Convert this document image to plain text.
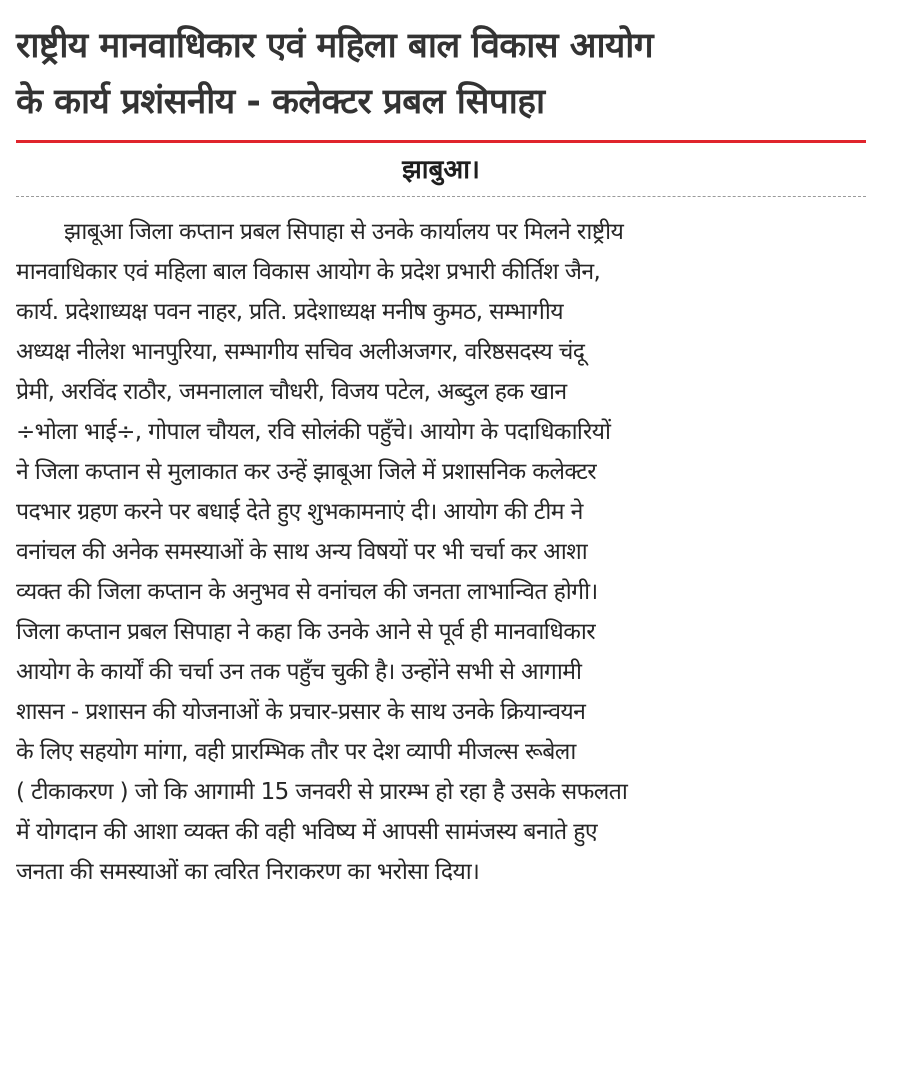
राष्ट्रीय मानवाधिकार एवं महिला बाल विकास आयोग
के कार्य प्रशंसनीय - कलेक्टर प्रबल सिपाहा
झाबुआ।
झाबूआ जिला कप्तान प्रबल सिपाहा से उनके कार्यालय पर मिलने राष्ट्रीय
मानवाधिकार एवं महिला बाल विकास आयोग के प्रदेश प्रभारी कीर्तिश जैन,
कार्य. प्रदेशाध्यक्ष पवन नाहर, प्रति. प्रदेशाध्यक्ष मनीष कुमठ, सम्भागीय
अध्यक्ष नीलेश भानपुरिया, सम्भागीय सचिव अलीअजगर, वरिष्ठसदस्य चंदू
प्रेमी, अरविंद राठौर, जमनालाल चौधरी, विजय पटेल, अब्दुल हक खान
÷भोला भाई÷, गोपाल चौयल, रवि सोलंकी पहुँचे। आयोग के पदाधिकारियों
ने जिला कप्तान से मुलाकात कर उन्हें झाबूआ जिले में प्रशासनिक कलेक्टर
पदभार ग्रहण करने पर बधाई देते हुए शुभकामनाएं दी। आयोग की टीम ने
वनांचल की अनेक समस्याओं के साथ अन्य विषयों पर भी चर्चा कर आशा
व्यक्त की जिला कप्तान के अनुभव से वनांचल की जनता लाभान्वित होगी।
जिला कप्तान प्रबल सिपाहा ने कहा कि उनके आने से पूर्व ही मानवाधिकार
आयोग के कार्यों की चर्चा उन तक पहुँच चुकी है। उन्होंने सभी से आगामी
शासन - प्रशासन की योजनाओं के प्रचार-प्रसार के साथ उनके क्रियान्वयन
के लिए सहयोग मांगा, वही प्रारम्भिक तौर पर देश व्यापी मीजल्स रूबेला
( टीकाकरण ) जो कि आगामी 15 जनवरी से प्रारम्भ हो रहा है उसके सफलता
में योगदान की आशा व्यक्त की वही भविष्य में आपसी सामंजस्य बनाते हुए
जनता की समस्याओं का त्वरित निराकरण का भरोसा दिया।
